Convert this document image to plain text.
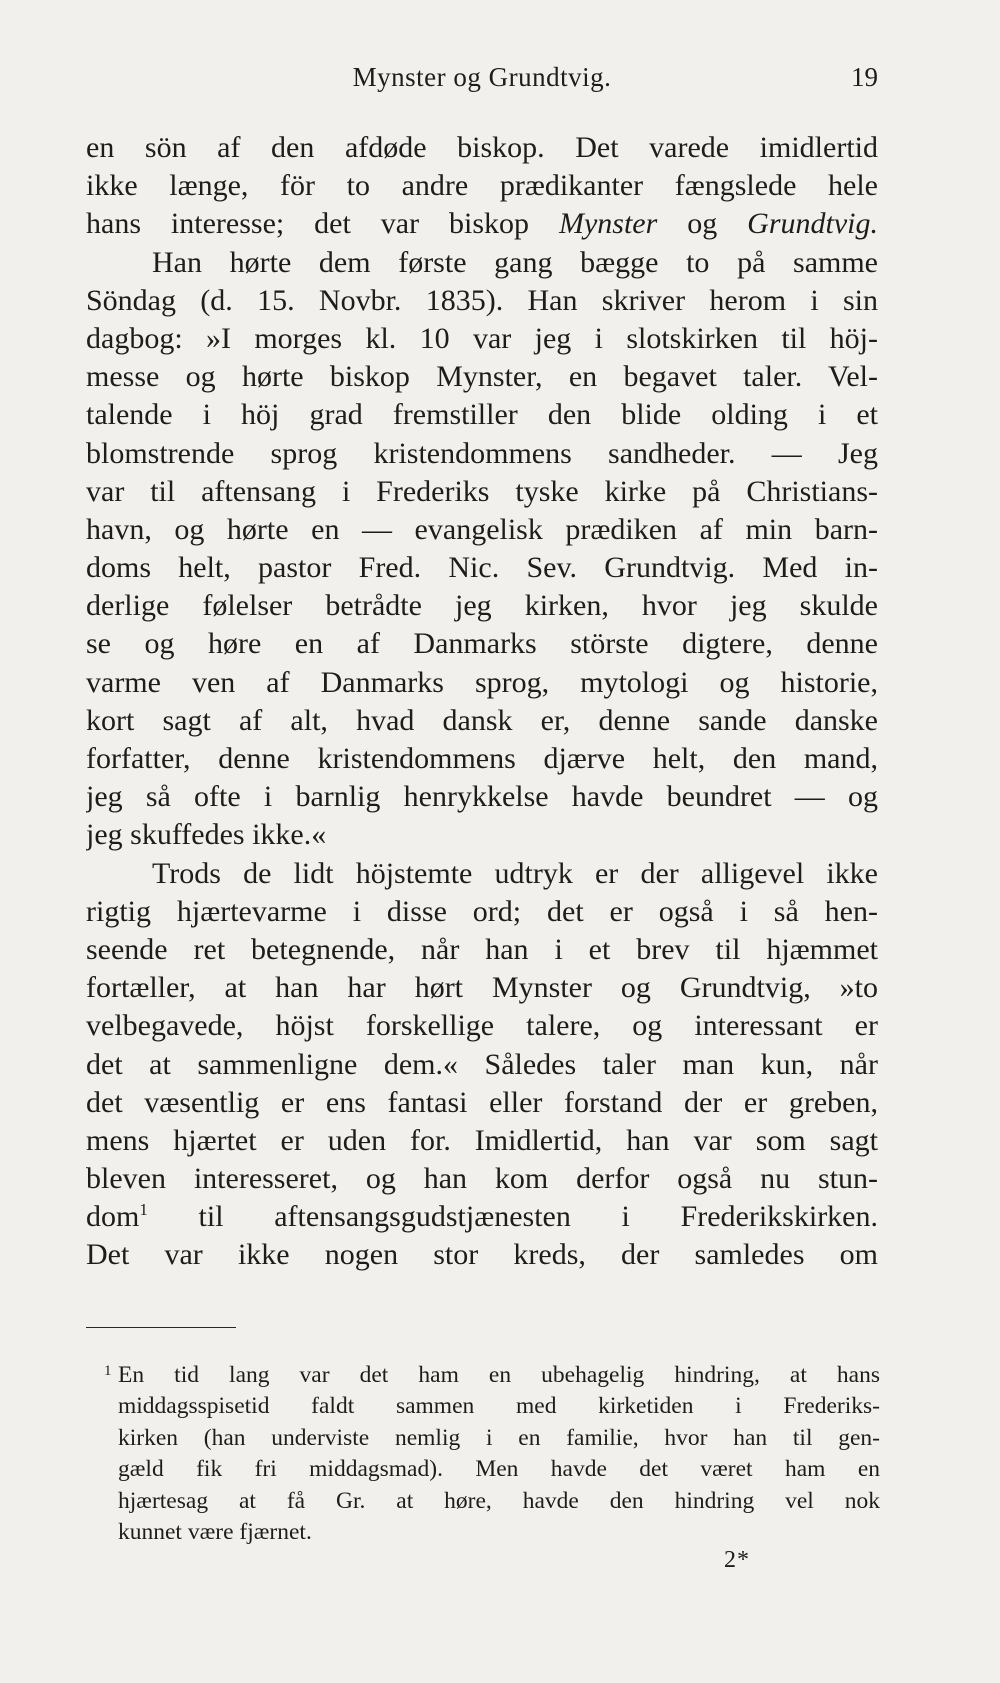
Mynster og Grundtvig.	19
en sön af den afdøde biskop. Det varede imidlertid
ikke længe, för to andre prædikanter fængslede hele
hans interesse; det var biskop Mynster og Grundtvig.
Han hørte dem første gang bægge to på samme
Söndag (d. 15. Novbr. 1835). Han skriver herom i sin
dagbog: »I morges kl. 10 var jeg i slotskirken til höj-
messe og hørte biskop Mynster, en begavet taler. Vel-
talende i höj grad fremstiller den blide olding i et
blomstrende sprog kristendommens sandheder. — Jeg
var til aftensang i Frederiks tyske kirke på Christians-
havn, og hørte en — evangelisk prædiken af min barn-
doms helt, pastor Fred. Nic. Sev. Grundtvig. Med in-
derlige følelser betrådte jeg kirken, hvor jeg skulde
se og høre en af Danmarks störste digtere, denne
varme ven af Danmarks sprog, mytologi og historie,
kort sagt af alt, hvad dansk er, denne sande danske
forfatter, denne kristendommens djærve helt, den mand,
jeg så ofte i barnlig henrykkelse havde beundret — og
jeg skuffedes ikke.«
Trods de lidt höjstemte udtryk er der alligevel ikke
rigtig hjærtevarme i disse ord; det er også i så hen-
seende ret betegnende, når han i et brev til hjæmmet
fortæller, at han har hørt Mynster og Grundtvig, »to
velbegavede, höjst forskellige talere, og interessant er
det at sammenligne dem.« Således taler man kun, når
det væsentlig er ens fantasi eller forstand der er greben,
mens hjærtet er uden for. Imidlertid, han var som sagt
bleven interesseret, og han kom derfor også nu stun-
dom$^1$ til aftensangsgudstjænesten i Frederikskirken.
Det var ikke nogen stor kreds, der samledes om
1 En tid lang var det ham en ubehagelig hindring, at hans
middagsspisetid faldt sammen med kirketiden i Frederiks-
kirken (han underviste nemlig i en familie, hvor han til gen-
gæld fik fri middagsmad). Men havde det været ham en
hjærtesag at få Gr. at høre, havde den hindring vel nok
kunnet være fjærnet.
2*
